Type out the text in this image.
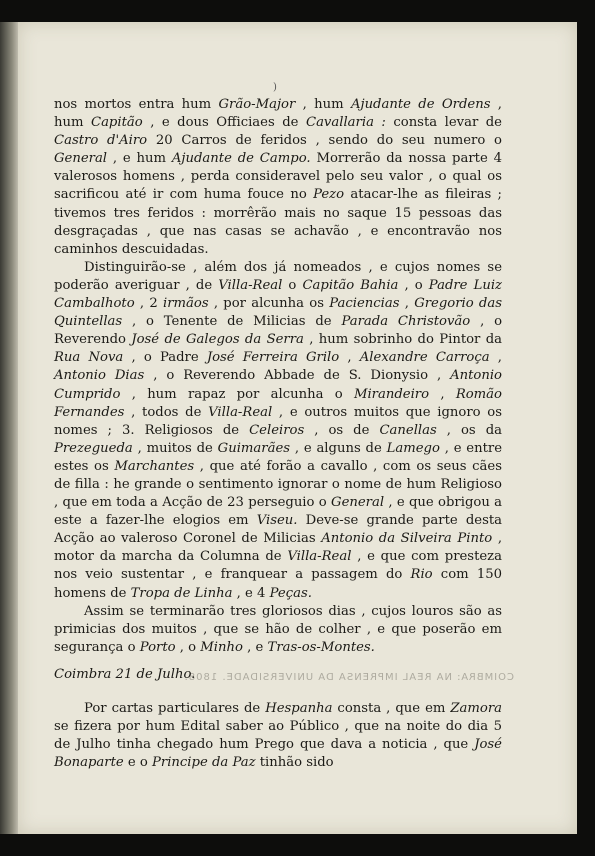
)
COIMBRA: NA REAL IMPRENSA DA UNIVERSIDADE. 1808.

nos mortos entra hum Grão-Major , hum Ajudante de Ordens , hum Capitão , e dous Officiaes de Cavallaria : consta levar de Castro d'Airo 20 Carros de feridos , sendo do seu numero o General , e hum Ajudante de Campo. Morrerão da nossa parte 4 valerosos homens , perda consideravel pelo seu valor , o qual os sacrificou até ir com huma fouce no Pezo atacar-lhe as fileiras ; tivemos tres feridos : morrêrão mais no saque 15 pessoas das desgraçadas , que nas casas se achavão , e encontravão nos caminhos descuidadas.

Distinguirão-se , além dos já nomeados , e cujos nomes se poderão averiguar , de Villa-Real o Capitão Bahia , o Padre Luiz Cambalhoto , 2 irmãos , por alcunha os Paciencias , Gregorio das Quintellas , o Tenente de Milicias de Parada Christovão , o Reverendo José de Galegos da Serra , hum sobrinho do Pintor da Rua Nova , o Padre José Ferreira Grilo , Alexandre Carroça , Antonio Dias , o Reverendo Abbade de S. Dionysio , Antonio Cumprido , hum rapaz por alcunha o Mirandeiro , Romão Fernandes , todos de Villa-Real , e outros muitos que ignoro os nomes ; 3. Religiosos de Celeiros , os de Canellas , os da Prezegueda , muitos de Guimarães , e alguns de Lamego , e entre estes os Marchantes , que até forão a cavallo , com os seus cães de filla : he grande o sentimento ignorar o nome de hum Religioso , que em toda a Acção de 23 perseguio o General , e que obrigou a este a fazer-lhe elogios em Viseu. Deve-se grande parte desta Acção ao valeroso Coronel de Milicias Antonio da Silveira Pinto , motor da marcha da Columna de Villa-Real , e que com presteza nos veio sustentar , e franquear a passagem do Rio com 150 homens de Tropa de Linha , e 4 Peças.

Assim se terminarão tres gloriosos dias , cujos louros são as primicias dos muitos , que se hão de colher , e que poserão em segurança o Porto , o Minho , e Tras-os-Montes.

Coimbra 21 de Julho.

Por cartas particulares de Hespanha consta , que em Zamora se fizera por hum Edital saber ao Público , que na noite do dia 5 de Julho tinha chegado hum Prego que dava a noticia , que José Bonaparte e o Principe da Paz tinhão sido
